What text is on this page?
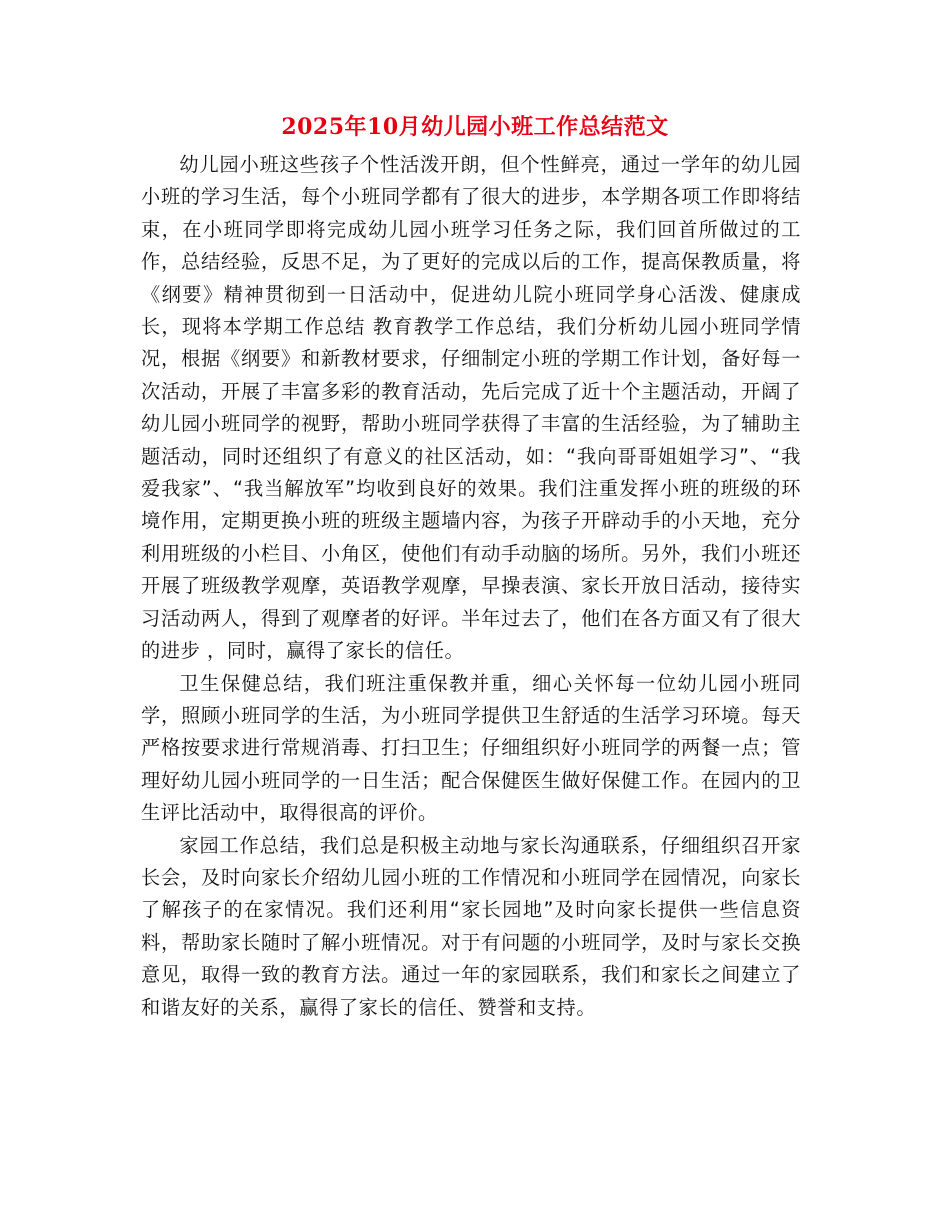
2025年10月幼儿园小班工作总结范文

幼儿园小班这些孩子个性活泼开朗，但个性鲜亮，通过一学年的幼儿园小班的学习生活，每个小班同学都有了很大的进步，本学期各项工作即将结束，在小班同学即将完成幼儿园小班学习任务之际，我们回首所做过的工作，总结经验，反思不足，为了更好的完成以后的工作，提高保教质量，将《纲要》精神贯彻到一日活动中，促进幼儿院小班同学身心活泼、健康成长，现将本学期工作总结 教育教学工作总结，我们分析幼儿园小班同学情况，根据《纲要》和新教材要求，仔细制定小班的学期工作计划，备好每一次活动，开展了丰富多彩的教育活动，先后完成了近十个主题活动，开阔了幼儿园小班同学的视野，帮助小班同学获得了丰富的生活经验，为了辅助主题活动，同时还组织了有意义的社区活动，如：“我向哥哥姐姐学习”、“我爱我家”、“我当解放军”均收到良好的效果。我们注重发挥小班的班级的环境作用，定期更换小班的班级主题墙内容，为孩子开辟动手的小天地，充分利用班级的小栏目、小角区，使他们有动手动脑的场所。另外，我们小班还开展了班级教学观摩，英语教学观摩，早操表演、家长开放日活动，接待实习活动两人，得到了观摩者的好评。半年过去了，他们在各方面又有了很大的进步 ，同时，赢得了家长的信任。

卫生保健总结，我们班注重保教并重，细心关怀每一位幼儿园小班同学，照顾小班同学的生活，为小班同学提供卫生舒适的生活学习环境。每天严格按要求进行常规消毒、打扫卫生；仔细组织好小班同学的两餐一点；管理好幼儿园小班同学的一日生活；配合保健医生做好保健工作。在园内的卫生评比活动中，取得很高的评价。

家园工作总结，我们总是积极主动地与家长沟通联系，仔细组织召开家长会，及时向家长介绍幼儿园小班的工作情况和小班同学在园情况，向家长了解孩子的在家情况。我们还利用“家长园地”及时向家长提供一些信息资料，帮助家长随时了解小班情况。对于有问题的小班同学，及时与家长交换意见，取得一致的教育方法。通过一年的家园联系，我们和家长之间建立了和谐友好的关系，赢得了家长的信任、赞誉和支持。
